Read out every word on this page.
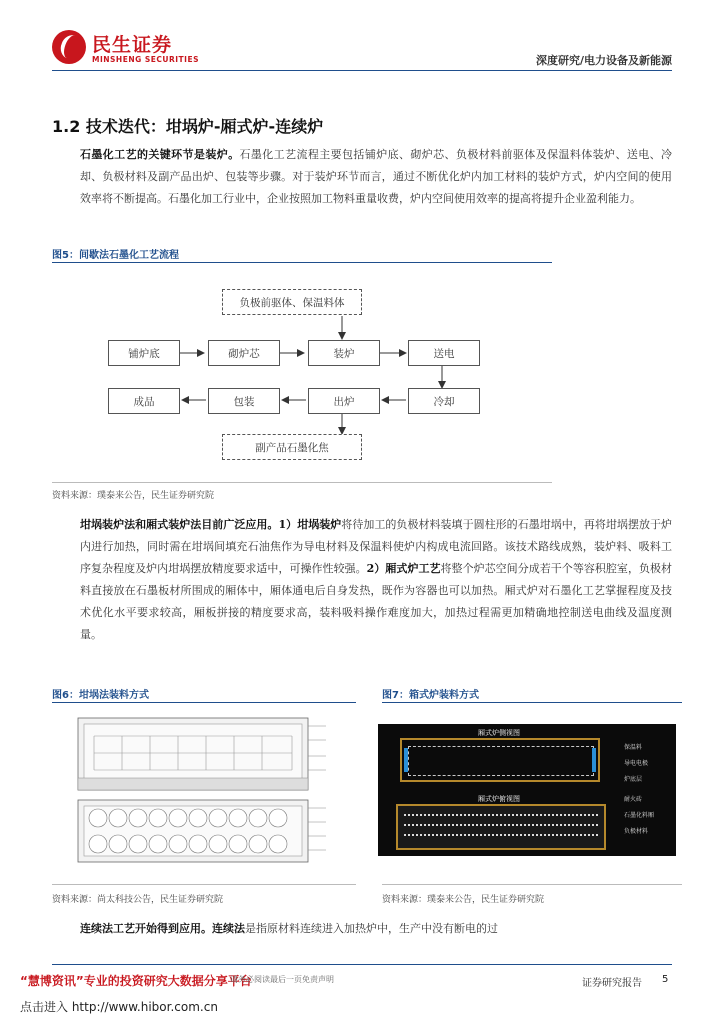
民生证券
MINSHENG SECURITIES	深度研究/电力设备及新能源
1.2 技术迭代：坩埚炉-厢式炉-连续炉
石墨化工艺的关键环节是装炉。石墨化工艺流程主要包括铺炉底、砌炉芯、负极材料前驱体及保温料体装炉、送电、冷却、负极材料及副产品出炉、包装等步骤。对于装炉环节而言，通过不断优化炉内加工材料的装炉方式，炉内空间的使用效率将不断提高。石墨化加工行业中，企业按照加工物料重量收费，炉内空间使用效率的提高将提升企业盈利能力。
图5：间歇法石墨化工艺流程
负极前驱体、保温料体
铺炉底	砌炉芯	装炉	送电
成品	包装	出炉	冷却
副产品石墨化焦
资料来源：璞泰来公告，民生证券研究院
坩埚装炉法和厢式装炉法目前广泛应用。1）坩埚装炉将待加工的负极材料装填于圆柱形的石墨坩埚中，再将坩埚摆放于炉内进行加热，同时需在坩埚间填充石油焦作为导电材料及保温料使炉内构成电流回路。该技术路线成熟，装炉料、吸料工序复杂程度及炉内坩埚摆放精度要求适中，可操作性较强。2）厢式炉工艺将整个炉芯空间分成若干个等容积腔室，负极材料直接放在石墨板材所围成的厢体中，厢体通电后自身发热，既作为容器也可以加热。厢式炉对石墨化工艺掌握程度及技术优化水平要求较高，厢板拼接的精度要求高，装料吸料操作难度加大，加热过程需更加精确地控制送电曲线及温度测量。
图6：坩埚法装料方式
资料来源：尚太科技公告，民生证券研究院
图7：箱式炉装料方式
厢式炉侧视图
厢式炉俯视图
保温料
导电电极
炉底层
耐火砖
石墨化料厢
负极材料
资料来源：璞泰来公告，民生证券研究院
连续法工艺开始得到应用。连续法是指原材料连续进入加热炉中，生产中没有断电的过
“慧博资讯”专业的投资研究大数据分享平台
请务必阅读最后一页免责声明
点击进入 http://www.hibor.com.cn
证券研究报告 5
